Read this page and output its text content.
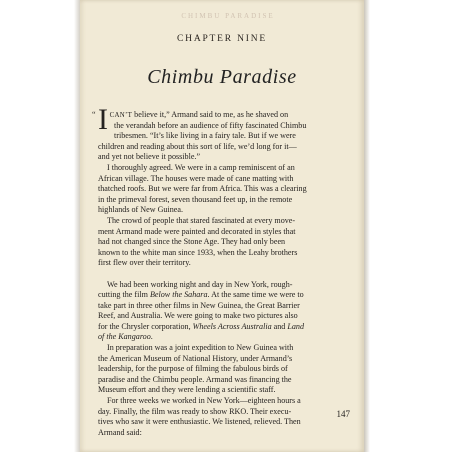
CHIMBU PARADISE
CHAPTER NINE
Chimbu Paradise
I
“ CAN’T believe it,” Armand said to me, as he shaved on
the verandah before an audience of fifty fascinated Chimbu
tribesmen. “It’s like living in a fairy tale. But if we were
children and reading about this sort of life, we’d long for it—
and yet not believe it possible.”
I thoroughly agreed. We were in a camp reminiscent of an
African village. The houses were made of cane matting with
thatched roofs. But we were far from Africa. This was a clearing
in the primeval forest, seven thousand feet up, in the remote
highlands of New Guinea.
The crowd of people that stared fascinated at every move-
ment Armand made were painted and decorated in styles that
had not changed since the Stone Age. They had only been
known to the white man since 1933, when the Leahy brothers
first flew over their territory.
We had been working night and day in New York, rough-
cutting the film Below the Sahara. At the same time we were to
take part in three other films in New Guinea, the Great Barrier
Reef, and Australia. We were going to make two pictures also
for the Chrysler corporation, Wheels Across Australia and Land
of the Kangaroo.
In preparation was a joint expedition to New Guinea with
the American Museum of National History, under Armand’s
leadership, for the purpose of filming the fabulous birds of
paradise and the Chimbu people. Armand was financing the
Museum effort and they were lending a scientific staff.
For three weeks we worked in New York—eighteen hours a
day. Finally, the film was ready to show RKO. Their execu-
tives who saw it were enthusiastic. We listened, relieved. Then
Armand said:
147
